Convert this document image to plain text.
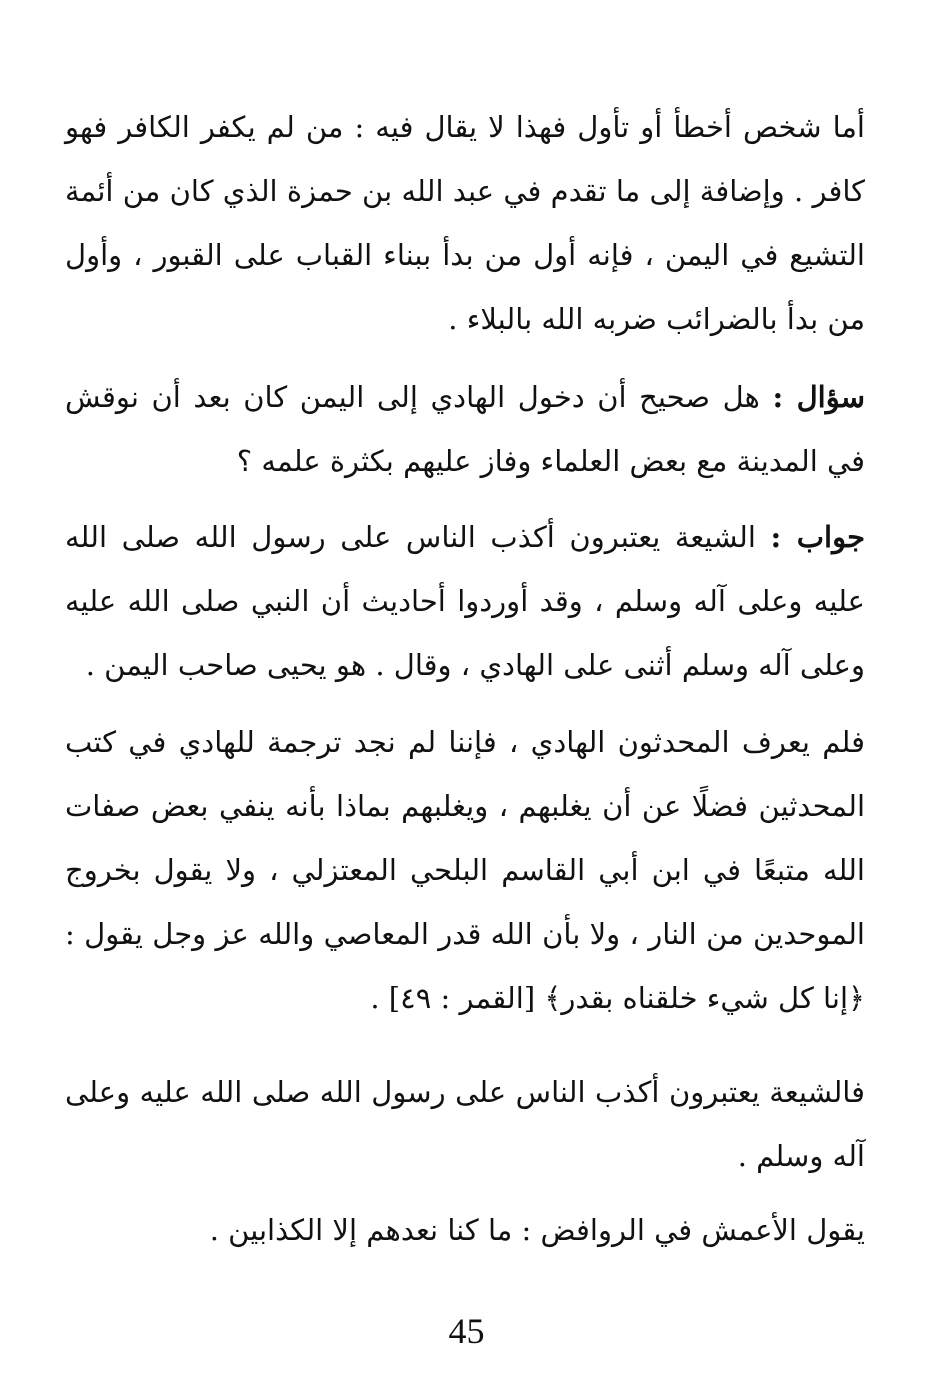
أما شخص أخطأ أو تأول فهذا لا يقال فيه : من لم يكفر الكافر فهو كافر . وإضافة إلى ما تقدم في عبد الله بن حمزة الذي كان من أئمة التشيع في اليمن ، فإنه أول من بدأ ببناء القباب على القبور ، وأول من بدأ بالضرائب ضربه الله بالبلاء .

سؤال : هل صحيح أن دخول الهادي إلى اليمن كان بعد أن نوقش في المدينة مع بعض العلماء وفاز عليهم بكثرة علمه ؟

جواب : الشيعة يعتبرون أكذب الناس على رسول الله صلى الله عليه وعلى آله وسلم ، وقد أوردوا أحاديث أن النبي صلى الله عليه وعلى آله وسلم أثنى على الهادي ، وقال . هو يحيى صاحب اليمن .

فلم يعرف المحدثون الهادي ، فإننا لم نجد ترجمة للهادي في كتب المحدثين فضلًا عن أن يغلبهم ، ويغلبهم بماذا بأنه ينفي بعض صفات الله متبعًا في ابن أبي القاسم البلحي المعتزلي ، ولا يقول بخروج الموحدين من النار ، ولا بأن الله قدر المعاصي والله عز وجل يقول : ﴿إنا كل شيء خلقناه بقدر﴾ [القمر : ٤٩] .

فالشيعة يعتبرون أكذب الناس على رسول الله صلى الله عليه وعلى آله وسلم .

يقول الأعمش في الروافض : ما كنا نعدهم إلا الكذابين .

45
